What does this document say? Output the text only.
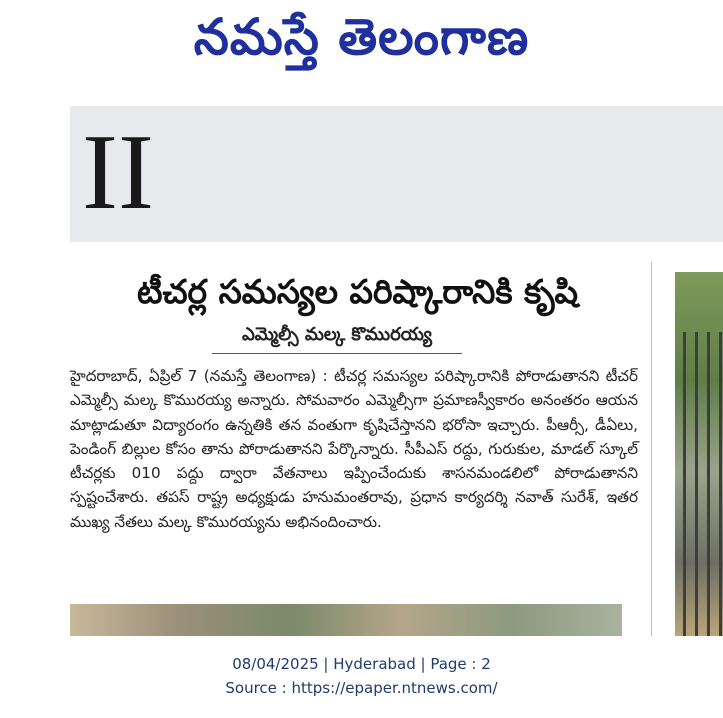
నమస్తే తెలంగాణ
II
టీచర్ల సమస్యల పరిష్కారానికి కృషి
ఎమ్మెల్సీ మల్క కొమురయ్య
హైదరాబాద్, ఏప్రిల్ 7 (నమస్తే తెలంగాణ) : టీచర్ల సమస్యల పరిష్కారానికి పోరాడుతానని టీచర్ ఎమ్మెల్సీ మల్క కొమురయ్య అన్నారు. సోమవారం ఎమ్మెల్సీగా ప్రమాణస్వీకారం అనంతరం ఆయన మాట్లాడుతూ విద్యారంగం ఉన్నతికి తన వంతుగా కృషిచేస్తానని భరోసా ఇచ్చారు. పీఆర్సీ, డీఏలు, పెండింగ్ బిల్లుల కోసం తాను పోరాడుతానని పేర్కొన్నారు. సీపీఎస్ రద్దు, గురుకుల, మాడల్ స్కూల్ టీచర్లకు 010 పద్దు ద్వారా వేతనాలు ఇప్పించేందుకు శాసనమండలిలో పోరాడుతానని స్పష్టంచేశారు. తపస్ రాష్ట్ర అధ్యక్షుడు హనుమంతరావు, ప్రధాన కార్యదర్శి నవాత్ సురేశ్, ఇతర ముఖ్య నేతలు మల్క కొమురయ్యను అభినందించారు.
08/04/2025 | Hyderabad | Page : 2
Source : https://epaper.ntnews.com/
